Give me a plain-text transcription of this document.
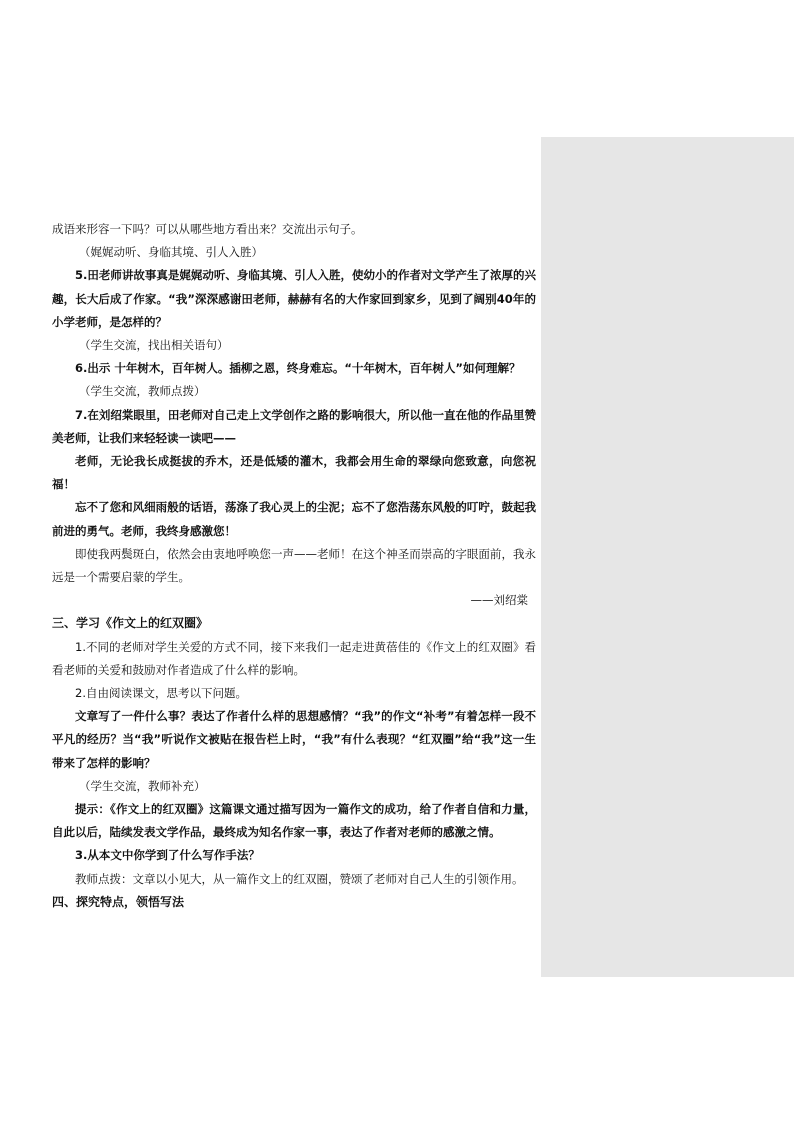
成语来形容一下吗？可以从哪些地方看出来？交流出示句子。

（娓娓动听、身临其境、引人入胜）

5.田老师讲故事真是娓娓动听、身临其境、引人入胜，使幼小的作者对文学产生了浓厚的兴趣，长大后成了作家。“我”深深感谢田老师，赫赫有名的大作家回到家乡，见到了阔别40年的小学老师，是怎样的？

（学生交流，找出相关语句）

6.出示 十年树木，百年树人。插柳之恩，终身难忘。“十年树木，百年树人”如何理解？

（学生交流，教师点拨）

7.在刘绍棠眼里，田老师对自己走上文学创作之路的影响很大，所以他一直在他的作品里赞美老师，让我们来轻轻读一读吧——

老师，无论我长成挺拔的乔木，还是低矮的灌木，我都会用生命的翠绿向您致意，向您祝福！

忘不了您和风细雨般的话语，荡涤了我心灵上的尘泥；忘不了您浩荡东风般的叮咛，鼓起我前进的勇气。老师，我终身感激您！

即使我两鬓斑白，依然会由衷地呼唤您一声——老师！在这个神圣而崇高的字眼面前，我永远是一个需要启蒙的学生。

——刘绍棠

三、学习《作文上的红双圈》

1.不同的老师对学生关爱的方式不同，接下来我们一起走进黄蓓佳的《作文上的红双圈》看看老师的关爱和鼓励对作者造成了什么样的影响。

2.自由阅读课文，思考以下问题。

文章写了一件什么事？表达了作者什么样的思想感情？“我”的作文“补考”有着怎样一段不平凡的经历？当“我”听说作文被贴在报告栏上时，“我”有什么表现？“红双圈”给“我”这一生带来了怎样的影响？

（学生交流，教师补充）

提示：《作文上的红双圈》这篇课文通过描写因为一篇作文的成功，给了作者自信和力量，自此以后，陆续发表文学作品，最终成为知名作家一事，表达了作者对老师的感激之情。

3.从本文中你学到了什么写作手法？

教师点拨：文章以小见大，从一篇作文上的红双圈，赞颂了老师对自己人生的引领作用。

四、探究特点，领悟写法
